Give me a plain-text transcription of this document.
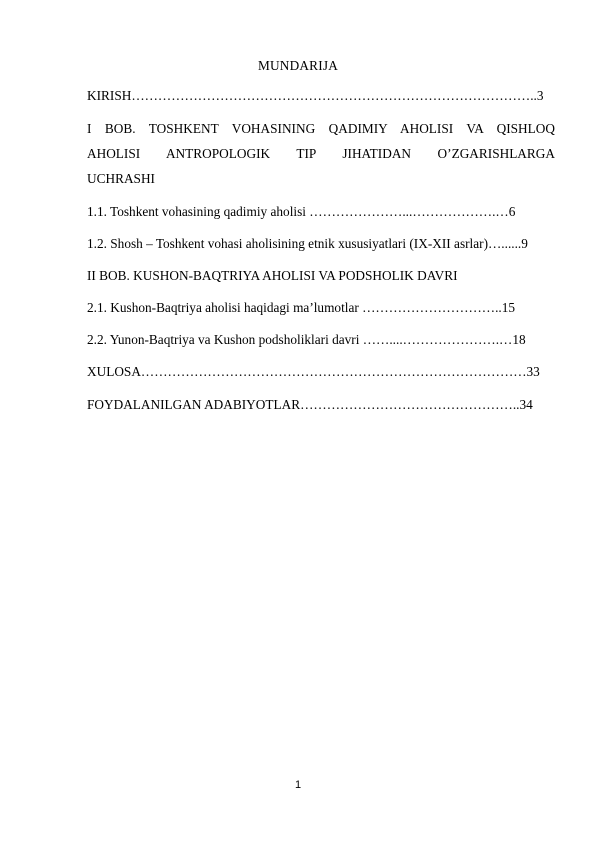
MUNDARIJA
KIRISH………………………………………………………………………………..3
I BOB. TOSHKENT VOHASINING QADIMIY AHOLISI VA QISHLOQ
AHOLISI ANTROPOLOGIK TIP JIHATIDAN O’ZGARISHLARGA
UCHRASHI
1.1. Toshkent vohasining qadimiy aholisi …………………...……………….…6
1.2. Shosh – Toshkent vohasi aholisining etnik xususiyatlari (IX-XII asrlar)…......9
II BOB. KUSHON-BAQTRIYA AHOLISI VA PODSHOLIK DAVRI
2.1. Kushon-Baqtriya aholisi haqidagi ma’lumotlar …………………………..15
2.2. Yunon-Baqtriya va Kushon podsholiklari davri ……....………………….…18
XULOSA……………………………………………………………………………33
FOYDALANILGAN ADABIYOTLAR…………………………………………..34
1
